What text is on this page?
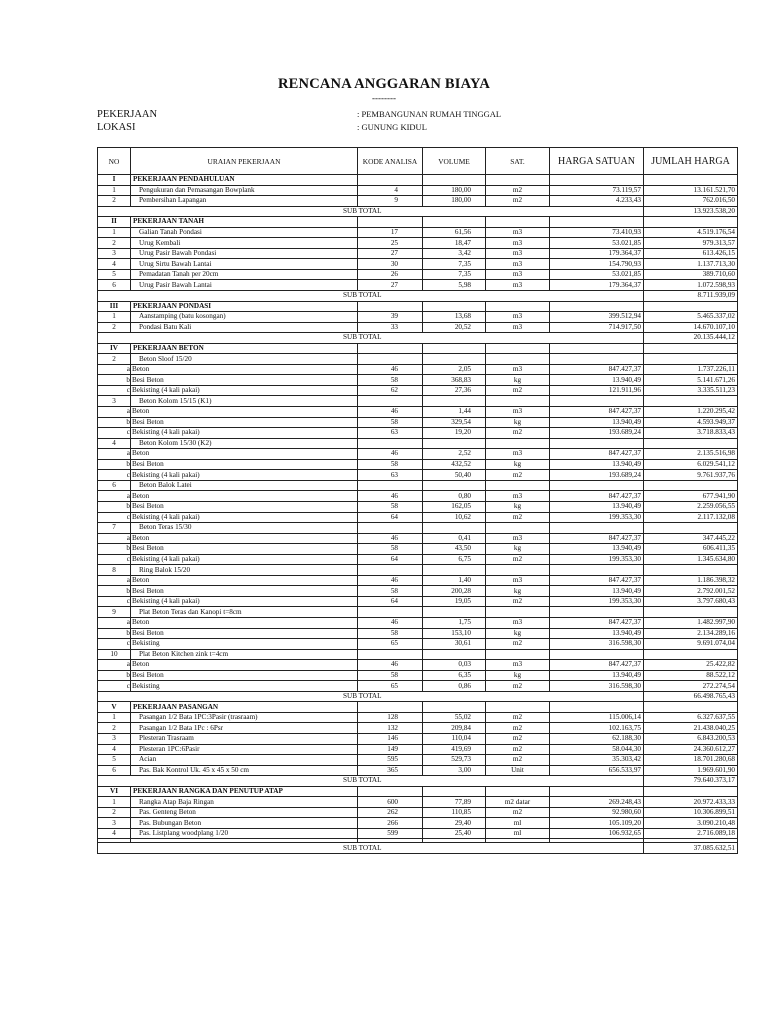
RENCANA ANGGARAN BIAYA
--------
PEKERJAAN	: PEMBANGUNAN RUMAH TINGGAL
LOKASI	: GUNUNG KIDUL
NO	URAIAN PEKERJAAN	KODE ANALISA	VOLUME	SAT.	HARGA SATUAN	JUMLAH HARGA
I	PEKERJAAN PENDAHULUAN					
1	Pengukuran dan Pemasangan Bowplank	4	180,00	m2	73.119,57	13.161.521,70
2	Pembersihan Lapangan	9	180,00	m2	4.233,43	762.016,50
SUB TOTAL						13.923.538,20
II	PEKERJAAN TANAH					
1	Galian Tanah Pondasi	17	61,56	m3	73.410,93	4.519.176,54
2	Urug Kembali	25	18,47	m3	53.021,85	979.313,57
3	Urug Pasir Bawah Pondasi	27	3,42	m3	179.364,37	613.426,15
4	Urug Sirtu Bawah Lantai	30	7,35	m3	154.790,93	1.137.713,30
5	Pemadatan Tanah per 20cm	26	7,35	m3	53.021,85	389.710,60
6	Urug Pasir Bawah Lantai	27	5,98	m3	179.364,37	1.072.598,93
SUB TOTAL						8.711.939,09
III	PEKERJAAN PONDASI					
1	Aanstamping (batu kosongan)	39	13,68	m3	399.512,94	5.465.337,02
2	Pondasi Batu Kali	33	20,52	m3	714.917,50	14.670.107,10
SUB TOTAL						20.135.444,12
IV	PEKERJAAN BETON					
2	Beton Sloof 15/20					
a	Beton	46	2,05	m3	847.427,37	1.737.226,11
b	Besi Beton	58	368,83	kg	13.940,49	5.141.671,26
c	Bekisting (4 kali pakai)	62	27,36	m2	121.911,96	3.335.511,23
3	Beton Kolom 15/15 (K1)					
a	Beton	46	1,44	m3	847.427,37	1.220.295,42
b	Besi Beton	58	329,54	kg	13.940,49	4.593.949,37
c	Bekisting (4 kali pakai)	63	19,20	m2	193.689,24	3.718.833,43
4	Beton Kolom 15/30 (K2)					
a	Beton	46	2,52	m3	847.427,37	2.135.516,98
b	Besi Beton	58	432,52	kg	13.940,49	6.029.541,12
c	Bekisting (4 kali pakai)	63	50,40	m2	193.689,24	9.761.937,76
6	Beton Balok Latei					
a	Beton	46	0,80	m3	847.427,37	677.941,90
b	Besi Beton	58	162,05	kg	13.940,49	2.259.056,55
c	Bekisting (4 kali pakai)	64	10,62	m2	199.353,30	2.117.132,08
7	Beton Teras 15/30					
a	Beton	46	0,41	m3	847.427,37	347.445,22
b	Besi Beton	58	43,50	kg	13.940,49	606.411,35
c	Bekisting (4 kali pakai)	64	6,75	m2	199.353,30	1.345.634,80
8	Ring Balok 15/20					
a	Beton	46	1,40	m3	847.427,37	1.186.398,32
b	Besi Beton	58	200,28	kg	13.940,49	2.792.001,52
c	Bekisting (4 kali pakai)	64	19,05	m2	199.353,30	3.797.680,43
9	Plat Beton Teras dan Kanopi t=8cm					
a	Beton	46	1,75	m3	847.427,37	1.482.997,90
b	Besi Beton	58	153,10	kg	13.940,49	2.134.289,16
c	Bekisting	65	30,61	m2	316.598,30	9.691.074,04
10	Plat Beton Kitchen zink t=4cm					
a	Beton	46	0,03	m3	847.427,37	25.422,82
b	Besi Beton	58	6,35	kg	13.940,49	88.522,12
c	Bekisting	65	0,86	m2	316.598,30	272.274,54
SUB TOTAL						66.498.765,43
V	PEKERJAAN PASANGAN					
1	Pasangan 1/2 Bata 1PC:3Pasir (trasraam)	128	55,02	m2	115.006,14	6.327.637,55
2	Pasangan 1/2 Bata 1Pc : 6Psr	132	209,84	m2	102.163,75	21.438.040,25
3	Plesteran Trasraam	146	110,04	m2	62.188,30	6.843.200,53
4	Plesteran 1PC:6Pasir	149	419,69	m2	58.044,30	24.360.612,27
5	Acian	595	529,73	m2	35.303,42	18.701.280,68
6	Pas. Bak Kontrol Uk. 45 x 45 x 50 cm	365	3,00	Unit	656.533,97	1.969.601,90
SUB TOTAL						79.640.373,17
VI	PEKERJAAN RANGKA DAN PENUTUP ATAP					
1	Rangka Atap Baja Ringan	600	77,89	m2 datar	269.248,43	20.972.433,33
2	Pas. Genteng Beton	262	110,85	m2	92.980,60	10.306.899,51
3	Pas. Bubungan Beton	266	29,40	ml	105.109,20	3.090.210,48
4	Pas. Listplang woodplang 1/20	599	25,40	ml	106.932,65	2.716.089,18

SUB TOTAL						37.085.632,51
